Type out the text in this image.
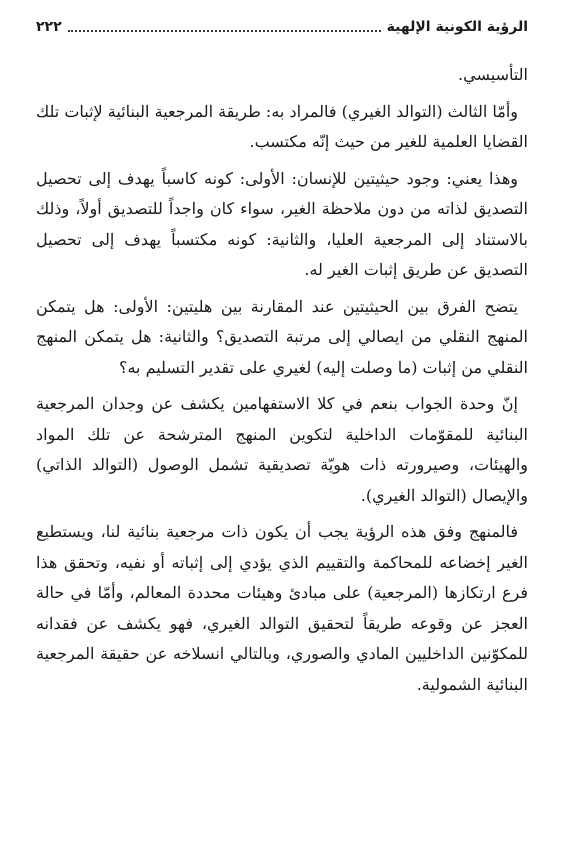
الرؤية الكونية الإلهية
٢٢٢

التأسيسي.

وأمّا الثالث (التوالد الغيري) فالمراد به: طريقة المرجعية البنائية لإثبات تلك القضايا العلمية للغير من حيث إنّه مكتسب.

وهذا يعني: وجود حيثيتين للإنسان: الأولى: كونه كاسباً يهدف إلى تحصيل التصديق لذاته من دون ملاحظة الغير، سواء كان واجداً للتصديق أولاً، وذلك بالاستناد إلى المرجعية العليا، والثانية: كونه مكتسباً يهدف إلى تحصيل التصديق عن طريق إثبات الغير له.

يتضح الفرق بين الحيثيتين عند المقارنة بين هليتين: الأولى: هل يتمكن المنهج النقلي من ايصالي إلى مرتبة التصديق؟ والثانية: هل يتمكن المنهج النقلي من إثبات (ما وصلت إليه) لغيري على تقدير التسليم به؟

إنّ وحدة الجواب بنعم في كلا الاستفهامين يكشف عن وجدان المرجعية البنائية للمقوّمات الداخلية لتكوين المنهج المترشحة عن تلك المواد والهيئات، وصيرورته ذات هويّة تصديقية تشمل الوصول (التوالد الذاتي) والإيصال (التوالد الغيري).

فالمنهج وفق هذه الرؤية يجب أن يكون ذات مرجعية بنائية لنا، ويستطيع الغير إخضاعه للمحاكمة والتقييم الذي يؤدي إلى إثباته أو نفيه، وتحقق هذا فرع ارتكازها (المرجعية) على مبادئ وهيئات محددة المعالم، وأمّا في حالة العجز عن وقوعه طريقاً لتحقيق التوالد الغيري، فهو يكشف عن فقدانه للمكوّنين الداخليين المادي والصوري، وبالتالي انسلاخه عن حقيقة المرجعية البنائية الشمولية.
